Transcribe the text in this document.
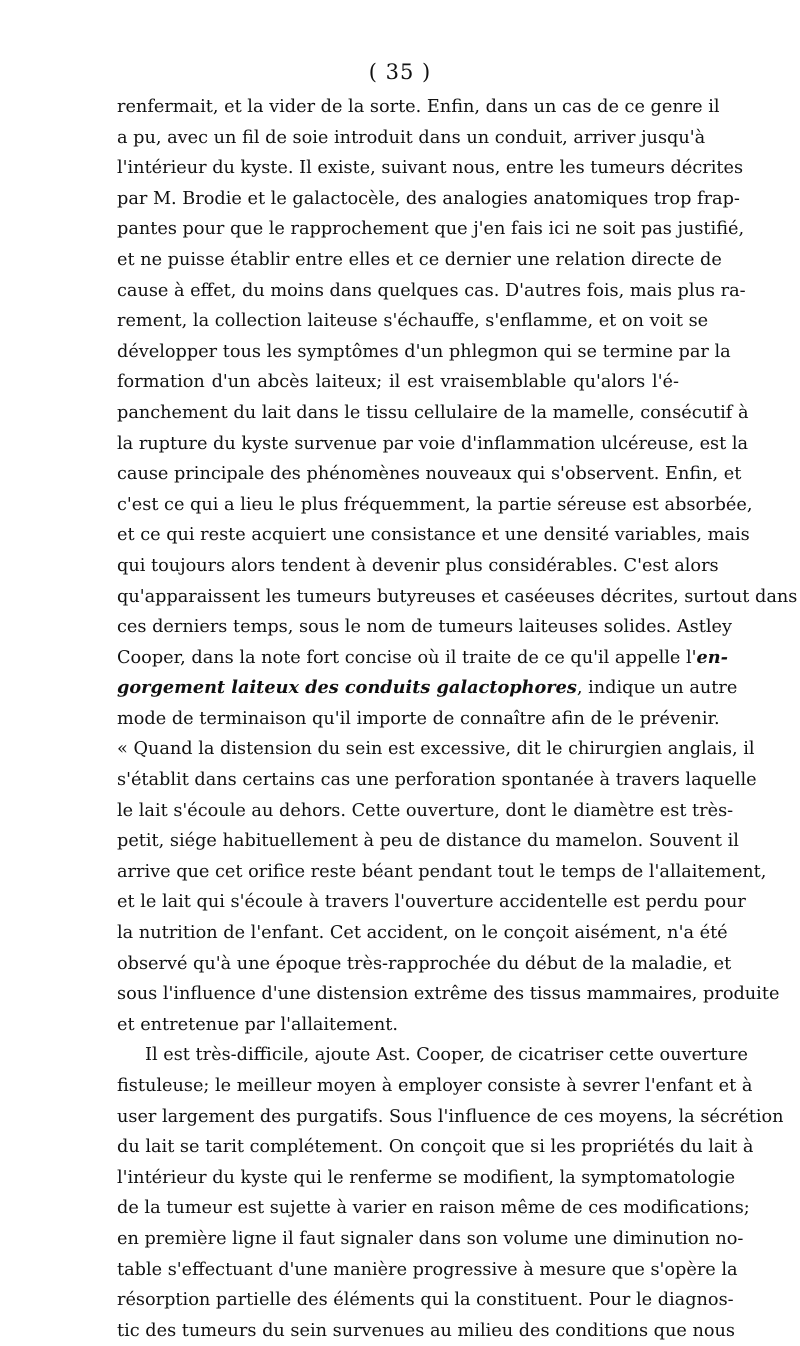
( 35 )
renfermait, et la vider de la sorte. Enfin, dans un cas de ce genre il
a pu, avec un fil de soie introduit dans un conduit, arriver jusqu'à
l'intérieur du kyste. Il existe, suivant nous, entre les tumeurs décrites
par M. Brodie et le galactocèle, des analogies anatomiques trop frap-
pantes pour que le rapprochement que j'en fais ici ne soit pas justifié,
et ne puisse établir entre elles et ce dernier une relation directe de
cause à effet, du moins dans quelques cas. D'autres fois, mais plus ra-
rement, la collection laiteuse s'échauffe, s'enflamme, et on voit se
développer tous les symptômes d'un phlegmon qui se termine par la
formation d'un abcès laiteux; il est vraisemblable qu'alors l'é-
panchement du lait dans le tissu cellulaire de la mamelle, consécutif à
la rupture du kyste survenue par voie d'inflammation ulcéreuse, est la
cause principale des phénomènes nouveaux qui s'observent. Enfin, et
c'est ce qui a lieu le plus fréquemment, la partie séreuse est absorbée,
et ce qui reste acquiert une consistance et une densité variables, mais
qui toujours alors tendent à devenir plus considérables. C'est alors
qu'apparaissent les tumeurs butyreuses et caséeuses décrites, surtout dans
ces derniers temps, sous le nom de tumeurs laiteuses solides. Astley
Cooper, dans la note fort concise où il traite de ce qu'il appelle l'en-
gorgement laiteux des conduits galactophores, indique un autre
mode de terminaison qu'il importe de connaître afin de le prévenir.
« Quand la distension du sein est excessive, dit le chirurgien anglais, il
s'établit dans certains cas une perforation spontanée à travers laquelle
le lait s'écoule au dehors. Cette ouverture, dont le diamètre est très-
petit, siége habituellement à peu de distance du mamelon. Souvent il
arrive que cet orifice reste béant pendant tout le temps de l'allaitement,
et le lait qui s'écoule à travers l'ouverture accidentelle est perdu pour
la nutrition de l'enfant. Cet accident, on le conçoit aisément, n'a été
observé qu'à une époque très-rapprochée du début de la maladie, et
sous l'influence d'une distension extrême des tissus mammaires, produite
et entretenue par l'allaitement.
Il est très-difficile, ajoute Ast. Cooper, de cicatriser cette ouverture
fistuleuse; le meilleur moyen à employer consiste à sevrer l'enfant et à
user largement des purgatifs. Sous l'influence de ces moyens, la sécrétion
du lait se tarit complétement. On conçoit que si les propriétés du lait à
l'intérieur du kyste qui le renferme se modifient, la symptomatologie
de la tumeur est sujette à varier en raison même de ces modifications;
en première ligne il faut signaler dans son volume une diminution no-
table s'effectuant d'une manière progressive à mesure que s'opère la
résorption partielle des éléments qui la constituent. Pour le diagnos-
tic des tumeurs du sein survenues au milieu des conditions que nous
